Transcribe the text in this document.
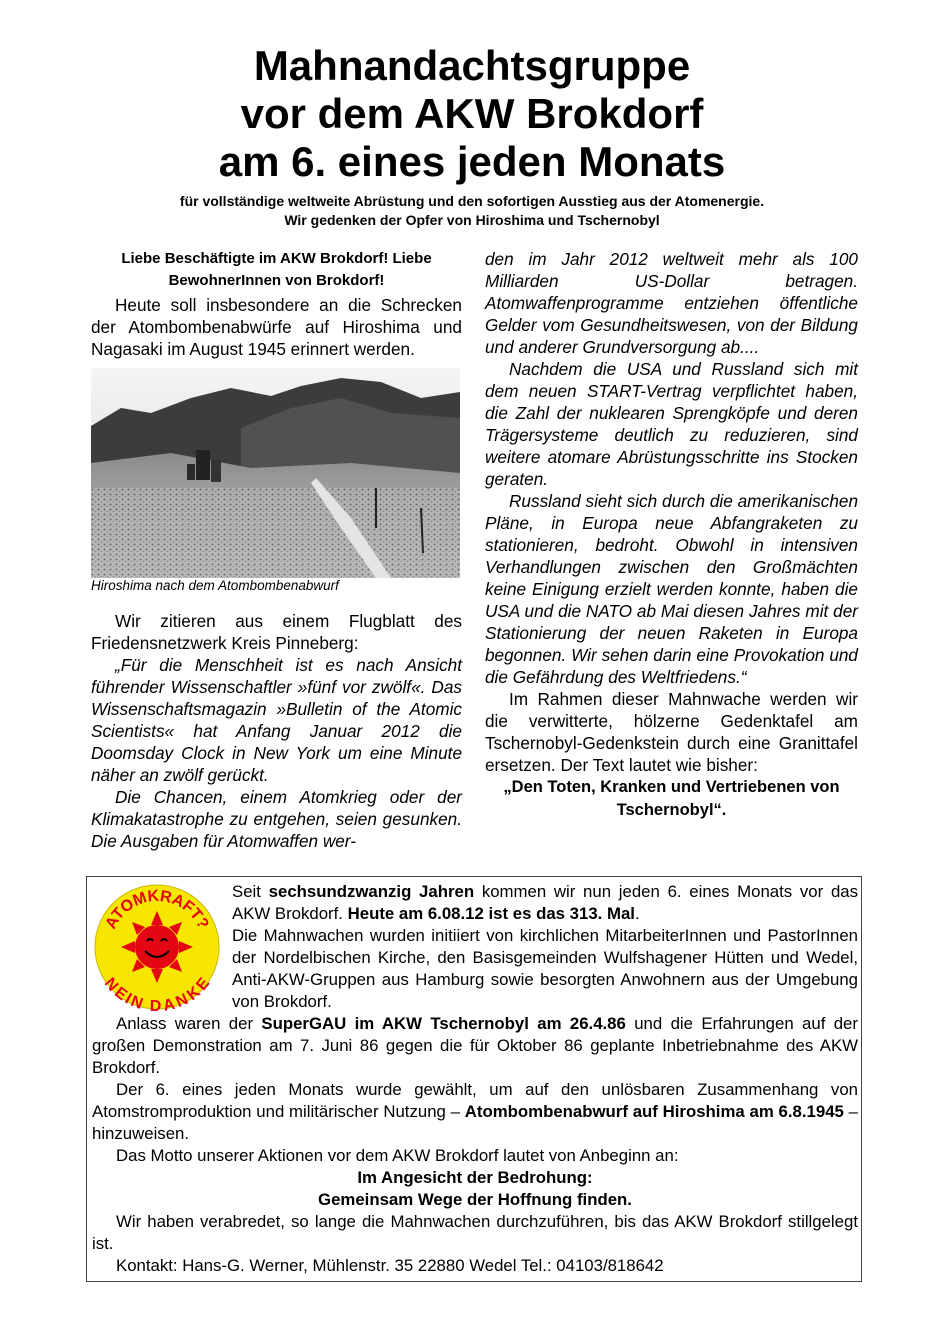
Mahnandachtsgruppe
vor dem AKW Brokdorf
am 6. eines jeden Monats
für vollständige weltweite Abrüstung und den sofortigen Ausstieg aus der Atomenergie.
Wir gedenken der Opfer von Hiroshima und Tschernobyl

Liebe Beschäftigte im AKW Brokdorf! Liebe BewohnerInnen von Brokdorf!

Heute soll insbesondere an die Schrecken der Atombombenabwürfe auf Hiroshima und Nagasaki im August 1945 erinnert werden.

Hiroshima nach dem Atombombenabwurf

Wir zitieren aus einem Flugblatt des Friedensnetzwerk Kreis Pinneberg:

„Für die Menschheit ist es nach Ansicht führender Wissenschaftler »fünf vor zwölf«. Das Wissenschaftsmagazin »Bulletin of the Atomic Scientists« hat Anfang Januar 2012 die Doomsday Clock in New York um eine Minute näher an zwölf gerückt.

Die Chancen, einem Atomkrieg oder der Klimakatastrophe zu entgehen, seien gesunken. Die Ausgaben für Atomwaffen wer-

den im Jahr 2012 weltweit mehr als 100 Milliarden US-Dollar betragen. Atomwaffenprogramme entziehen öffentliche Gelder vom Gesundheitswesen, von der Bildung und anderer Grundversorgung ab....

Nachdem die USA und Russland sich mit dem neuen START-Vertrag verpflichtet haben, die Zahl der nuklearen Sprengköpfe und deren Trägersysteme deutlich zu reduzieren, sind weitere atomare Abrüstungsschritte ins Stocken geraten.

Russland sieht sich durch die amerikanischen Pläne, in Europa neue Abfangraketen zu stationieren, bedroht. Obwohl in intensiven Verhandlungen zwischen den Großmächten keine Einigung erzielt werden konnte, haben die USA und die NATO ab Mai diesen Jahres mit der Stationierung der neuen Raketen in Europa begonnen. Wir sehen darin eine Provokation und die Gefährdung des Weltfriedens.“

Im Rahmen dieser Mahnwache werden wir die verwitterte, hölzerne Gedenktafel am Tschernobyl-Gedenkstein durch eine Granittafel ersetzen. Der Text lautet wie bisher:

„Den Toten, Kranken und Vertriebenen von Tschernobyl“.

ATOMKRAFT?
NEIN DANKE

Seit sechsundzwanzig Jahren kommen wir nun jeden 6. eines Monats vor das AKW Brokdorf. Heute am 6.08.12 ist es das 313. Mal.

Die Mahnwachen wurden initiiert von kirchlichen MitarbeiterInnen und PastorInnen der Nordelbischen Kirche, den Basisgemeinden Wulfshagener Hütten und Wedel, Anti-AKW-Gruppen aus Hamburg sowie besorgten Anwohnern aus der Umgebung von Brokdorf.

Anlass waren der SuperGAU im AKW Tschernobyl am 26.4.86 und die Erfahrungen auf der großen Demonstration am 7. Juni 86 gegen die für Oktober 86 geplante Inbetriebnahme des AKW Brokdorf.

Der 6. eines jeden Monats wurde gewählt, um auf den unlösbaren Zusammenhang von Atomstromproduktion und militärischer Nutzung – Atombombenabwurf auf Hiroshima am 6.8.1945 – hinzuweisen.

Das Motto unserer Aktionen vor dem AKW Brokdorf lautet von Anbeginn an:

Im Angesicht der Bedrohung:

Gemeinsam Wege der Hoffnung finden.

Wir haben verabredet, so lange die Mahnwachen durchzuführen, bis das AKW Brokdorf stillgelegt ist.

Kontakt: Hans-G. Werner, Mühlenstr. 35 22880 Wedel Tel.: 04103/818642
